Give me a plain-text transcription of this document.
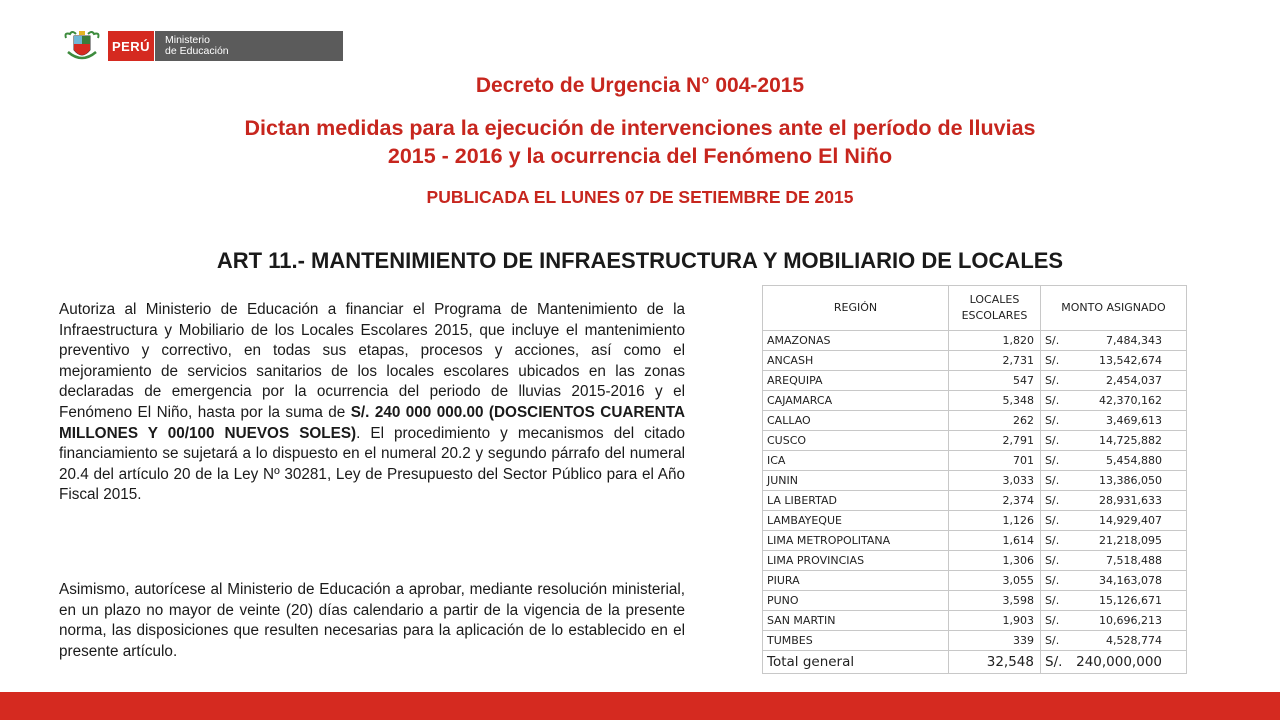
PERÚ	Ministerio
de Educación
Decreto de Urgencia N° 004-2015
Dictan medidas para la ejecución de intervenciones ante el período de lluvias
2015 - 2016 y la ocurrencia del Fenómeno El Niño
PUBLICADA EL LUNES 07 DE SETIEMBRE DE 2015
ART 11.- MANTENIMIENTO DE INFRAESTRUCTURA Y MOBILIARIO DE LOCALES

Autoriza al Ministerio de Educación a financiar el Programa de Mantenimiento de la Infraestructura y Mobiliario de los Locales Escolares 2015, que incluye el mantenimiento preventivo y correctivo, en todas sus etapas, procesos y acciones, así como el mejoramiento de servicios sanitarios de los locales escolares ubicados en las zonas declaradas de emergencia por la ocurrencia del periodo de lluvias 2015-2016 y el Fenómeno El Niño, hasta por la suma de S/. 240 000 000.00 (DOSCIENTOS CUARENTA MILLONES Y 00/100 NUEVOS SOLES). El procedimiento y mecanismos del citado financiamiento se sujetará a lo dispuesto en el numeral 20.2 y segundo párrafo del numeral 20.4 del artículo 20 de la Ley Nº 30281, Ley de Presupuesto del Sector Público para el Año Fiscal 2015.

Asimismo, autorícese al Ministerio de Educación a aprobar, mediante resolución ministerial, en un plazo no mayor de veinte (20) días calendario a partir de la vigencia de la presente norma, las disposiciones que resulten necesarias para la aplicación de lo establecido en el presente artículo.

REGIÓN	LOCALES ESCOLARES	MONTO ASIGNADO
AMAZONAS	1,820	S/. 7,484,343

ANCASH	2,731	S/. 13,542,674

AREQUIPA	547	S/. 2,454,037

CAJAMARCA	5,348	S/. 42,370,162

CALLAO	262	S/. 3,469,613

CUSCO	2,791	S/. 14,725,882

ICA	701	S/. 5,454,880

JUNIN	3,033	S/. 13,386,050

LA LIBERTAD	2,374	S/. 28,931,633

LAMBAYEQUE	1,126	S/. 14,929,407

LIMA METROPOLITANA	1,614	S/. 21,218,095

LIMA PROVINCIAS	1,306	S/. 7,518,488

PIURA	3,055	S/. 34,163,078

PUNO	3,598	S/. 15,126,671

SAN MARTIN	1,903	S/. 10,696,213

TUMBES	339	S/. 4,528,774

Total general	32,548	S/. 240,000,000
